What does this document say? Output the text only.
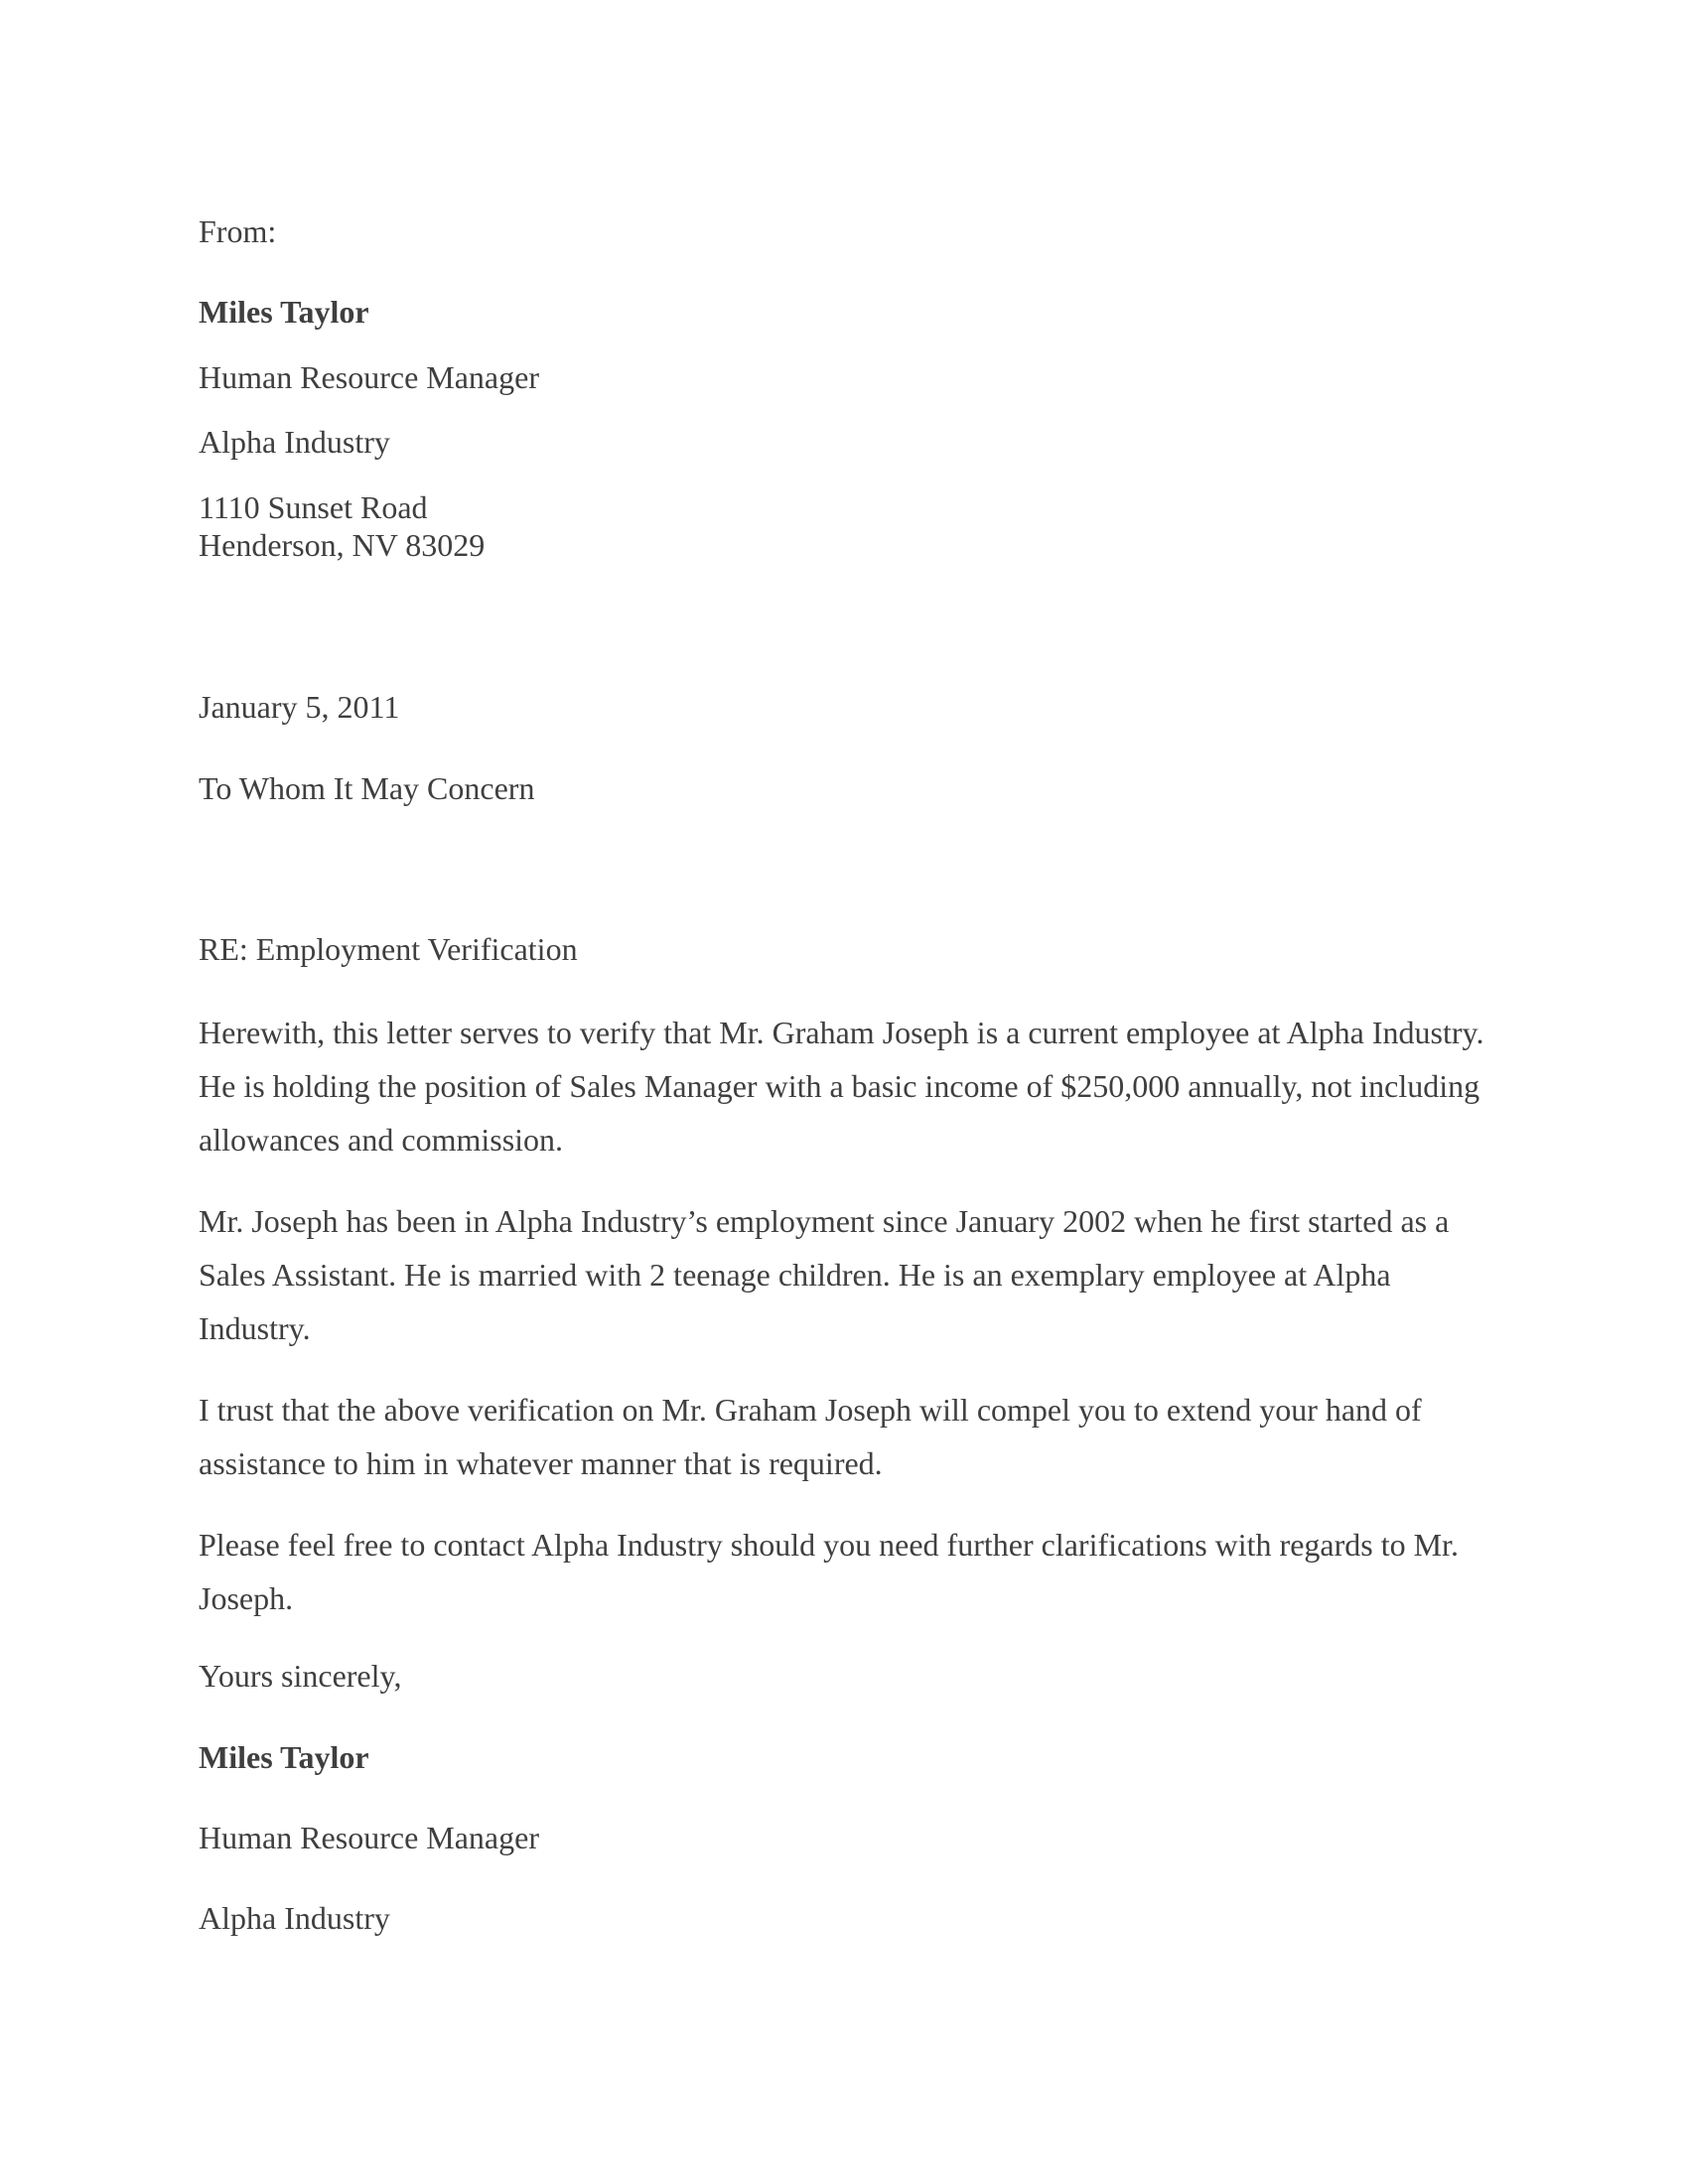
From:

Miles Taylor

Human Resource Manager

Alpha Industry

1110 Sunset Road

Henderson, NV 83029

January 5, 2011

To Whom It May Concern

RE: Employment Verification

Herewith, this letter serves to verify that Mr. Graham Joseph is a current employee at Alpha Industry. He is holding the position of Sales Manager with a basic income of $250,000 annually, not including allowances and commission.

Mr. Joseph has been in Alpha Industry’s employment since January 2002 when he first started as a Sales Assistant. He is married with 2 teenage children. He is an exemplary employee at Alpha Industry.

I trust that the above verification on Mr. Graham Joseph will compel you to extend your hand of assistance to him in whatever manner that is required.

Please feel free to contact Alpha Industry should you need further clarifications with regards to Mr. Joseph.

Yours sincerely,

Miles Taylor

Human Resource Manager

Alpha Industry
